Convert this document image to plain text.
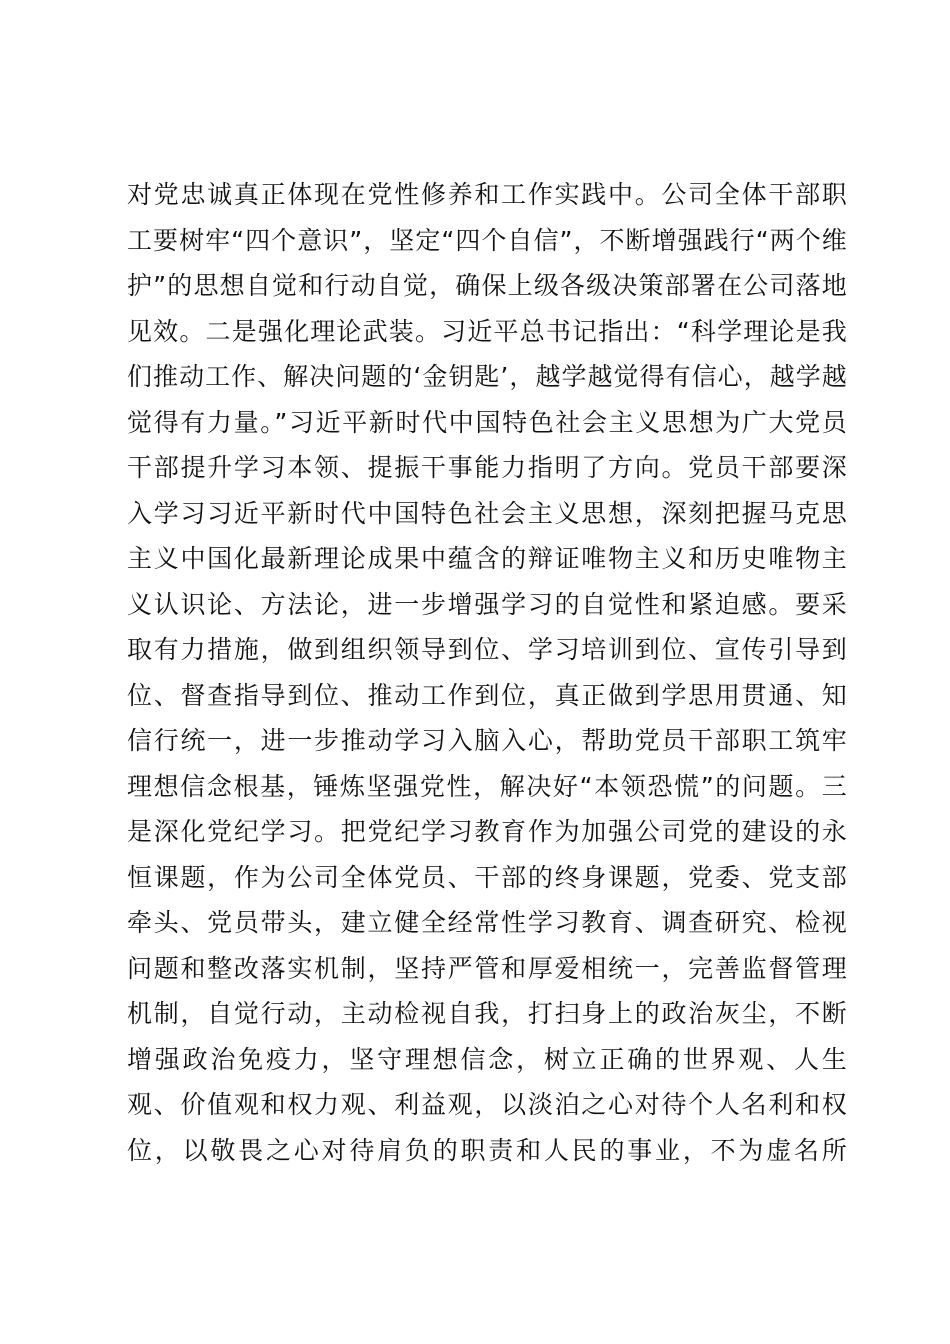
对党忠诚真正体现在党性修养和工作实践中。公司全体干部职
工要树牢“四个意识”，坚定“四个自信”，不断增强践行“两个维
护”的思想自觉和行动自觉，确保上级各级决策部署在公司落地
见效。二是强化理论武装。习近平总书记指出：“科学理论是我
们推动工作、解决问题的‘金钥匙’，越学越觉得有信心，越学越
觉得有力量。”习近平新时代中国特色社会主义思想为广大党员
干部提升学习本领、提振干事能力指明了方向。党员干部要深
入学习习近平新时代中国特色社会主义思想，深刻把握马克思
主义中国化最新理论成果中蕴含的辩证唯物主义和历史唯物主
义认识论、方法论，进一步增强学习的自觉性和紧迫感。要采
取有力措施，做到组织领导到位、学习培训到位、宣传引导到
位、督查指导到位、推动工作到位，真正做到学思用贯通、知
信行统一，进一步推动学习入脑入心，帮助党员干部职工筑牢
理想信念根基，锤炼坚强党性，解决好“本领恐慌”的问题。三
是深化党纪学习。把党纪学习教育作为加强公司党的建设的永
恒课题，作为公司全体党员、干部的终身课题，党委、党支部
牵头、党员带头，建立健全经常性学习教育、调查研究、检视
问题和整改落实机制，坚持严管和厚爱相统一，完善监督管理
机制，自觉行动，主动检视自我，打扫身上的政治灰尘，不断
增强政治免疫力，坚守理想信念，树立正确的世界观、人生
观、价值观和权力观、利益观，以淡泊之心对待个人名利和权
位，以敬畏之心对待肩负的职责和人民的事业，不为虚名所
